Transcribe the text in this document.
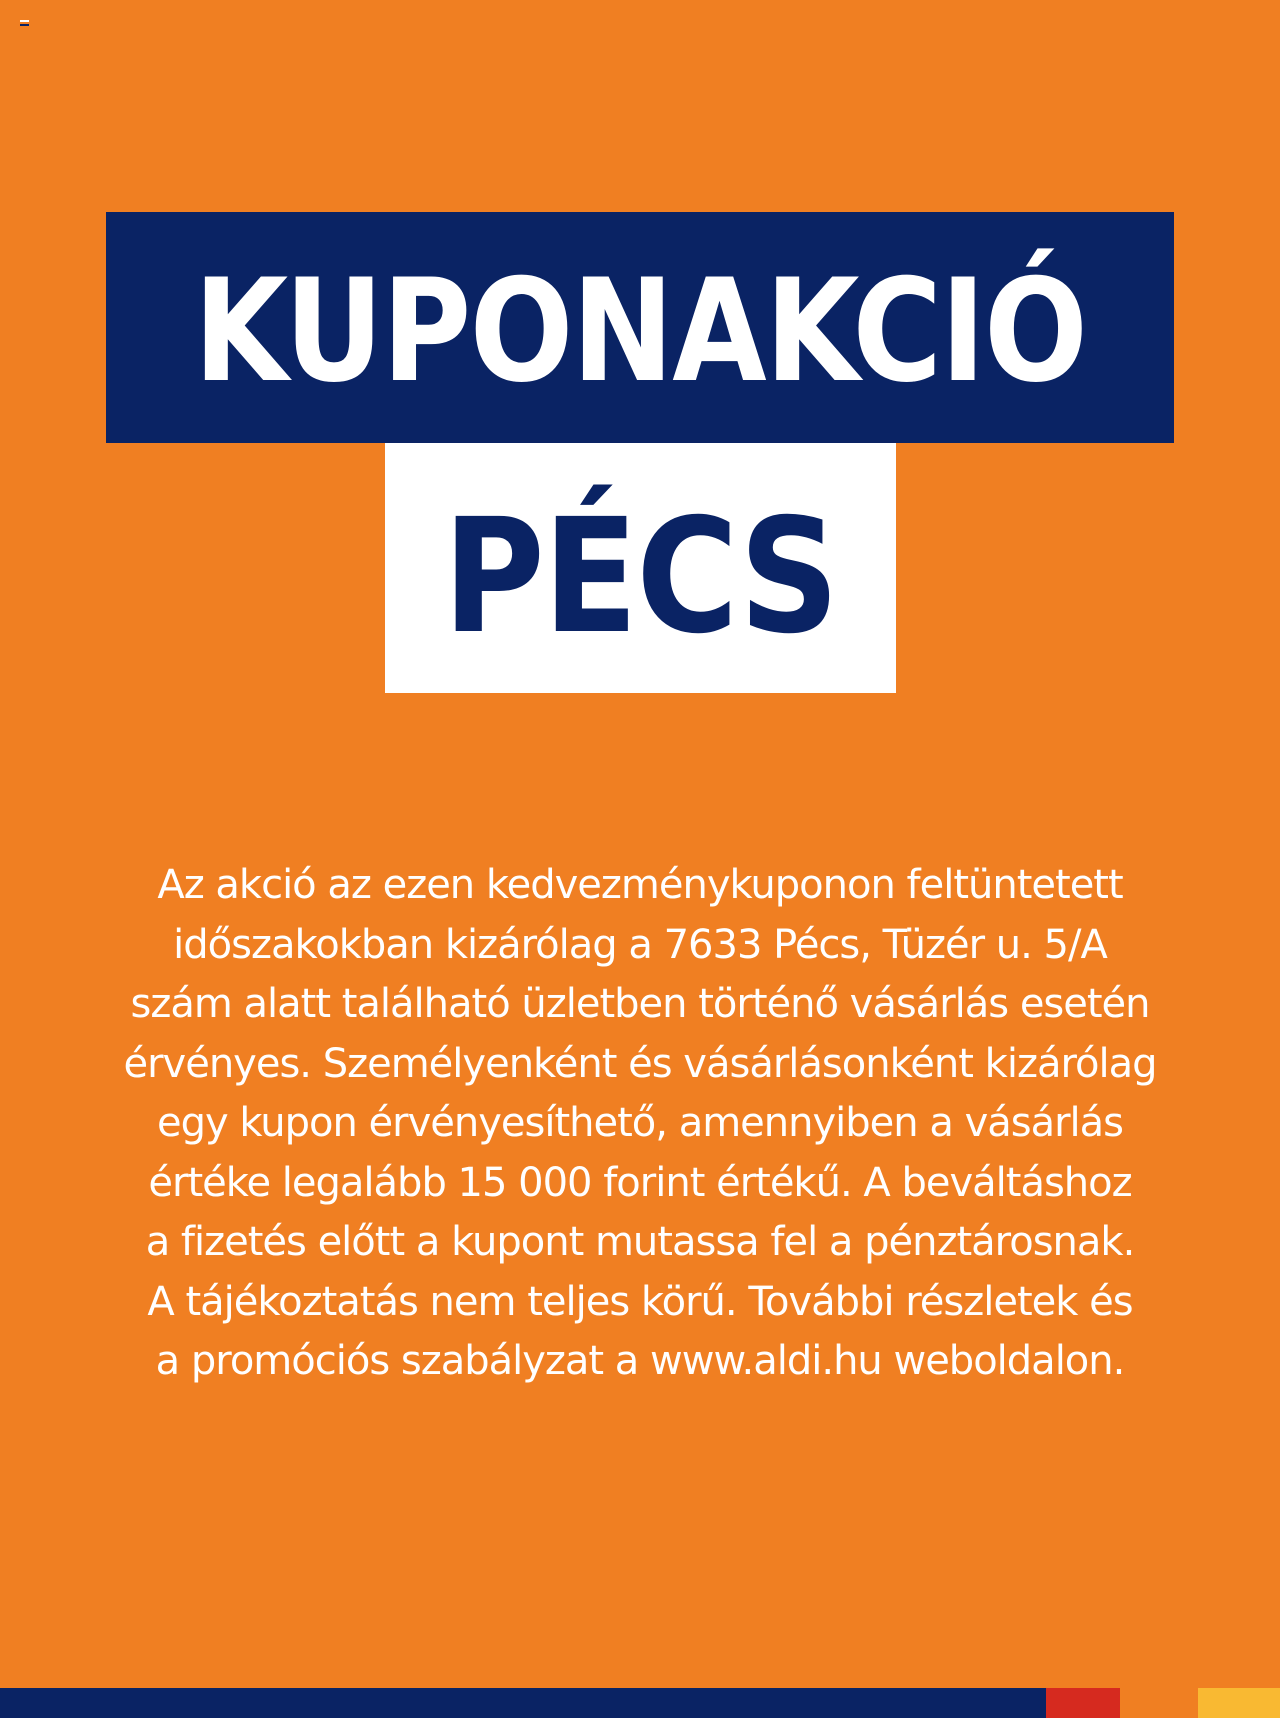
KUPONAKCIÓ
PÉCS
Az akció az ezen kedvezménykuponon feltüntetett
időszakokban kizárólag a 7633 Pécs, Tüzér u. 5/A
szám alatt található üzletben történő vásárlás esetén
érvényes. Személyenként és vásárlásonként kizárólag
egy kupon érvényesíthető, amennyiben a vásárlás
értéke legalább 15 000 forint értékű. A beváltáshoz
a fizetés előtt a kupont mutassa fel a pénztárosnak.
A tájékoztatás nem teljes körű. További részletek és
a promóciós szabályzat a www.aldi.hu weboldalon.
